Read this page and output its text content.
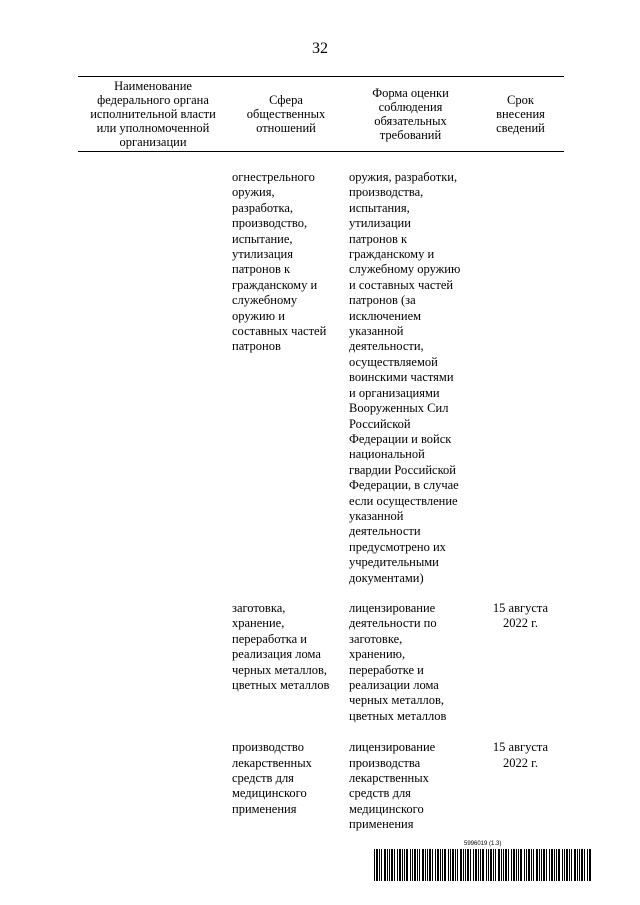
32
Наименование
федерального органа
исполнительной власти
или уполномоченной
организации
Сфера
общественных
отношений
Форма оценки
соблюдения
обязательных
требований
Срок
внесения
сведений
огнестрельного
оружия,
разработка,
производство,
испытание,
утилизация
патронов к
гражданскому и
служебному
оружию и
составных частей
патронов
оружия, разработки,
производства,
испытания,
утилизации
патронов к
гражданскому и
служебному оружию
и составных частей
патронов (за
исключением
указанной
деятельности,
осуществляемой
воинскими частями
и организациями
Вооруженных Сил
Российской
Федерации и войск
национальной
гвардии Российской
Федерации, в случае
если осуществление
указанной
деятельности
предусмотрено их
учредительными
документами)
заготовка,
хранение,
переработка и
реализация лома
черных металлов,
цветных металлов
лицензирование
деятельности по
заготовке,
хранению,
переработке и
реализации лома
черных металлов,
цветных металлов
15 августа
2022 г.
производство
лекарственных
средств для
медицинского
применения
лицензирование
производства
лекарственных
средств для
медицинского
применения
15 августа
2022 г.
5996019 (1.3)
